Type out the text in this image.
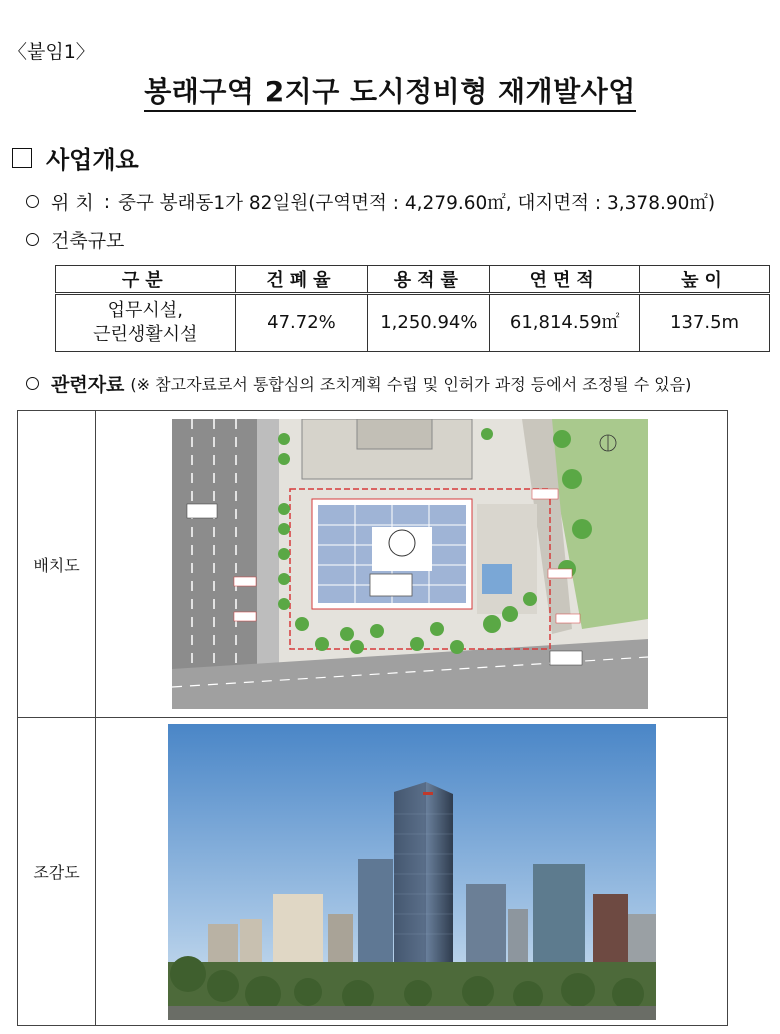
〈붙임1〉
봉래구역 2지구 도시정비형 재개발사업
사업개요
위 치 : 중구 봉래동1가 82일원(구역면적 : 4,279.60㎡, 대지면적 : 3,378.90㎡)
건축규모
구분	건폐율	용적률	연면적	높이

업무시설,
근린생활시설	47.72%	1,250.94%	61,814.59㎡	137.5m
관련자료 (※ 참고자료로서 통합심의 조치계획 수립 및 인허가 과정 등에서 조정될 수 있음)
배치도
조감도
